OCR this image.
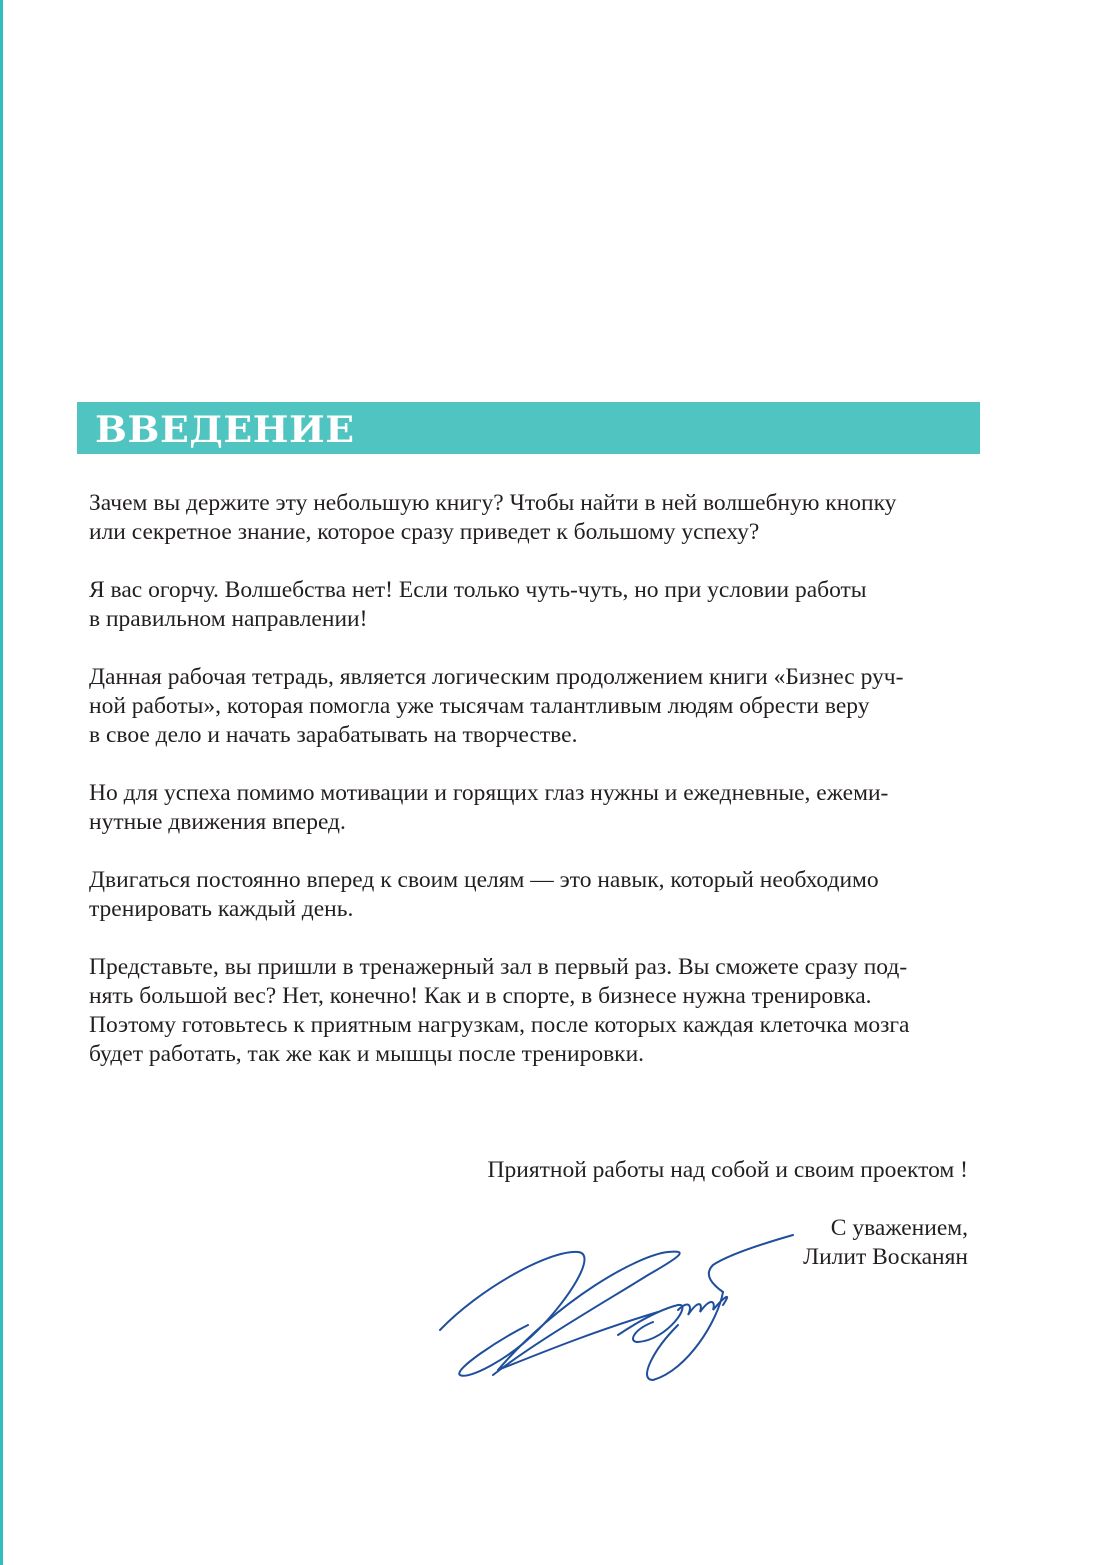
ВВЕДЕНИЕ

Зачем вы держите эту небольшую книгу? Чтобы найти в ней волшебную кнопку
или секретное знание, которое сразу приведет к большому успеху?

Я вас огорчу. Волшебства нет! Если только чуть-чуть, но при условии работы
в правильном направлении!

Данная рабочая тетрадь, является логическим продолжением книги «Бизнес руч-
ной работы», которая помогла уже тысячам талантливым людям обрести веру
в свое дело и начать зарабатывать на творчестве.

Но для успеха помимо мотивации и горящих глаз нужны и ежедневные, ежеми-
нутные движения вперед.

Двигаться постоянно вперед к своим целям — это навык, который необходимо
тренировать каждый день.

Представьте, вы пришли в тренажерный зал в первый раз. Вы сможете сразу под-
нять большой вес? Нет, конечно! Как и в спорте, в бизнесе нужна тренировка.
Поэтому готовьтесь к приятным нагрузкам, после которых каждая клеточка мозга
будет работать, так же как и мышцы после тренировки.

Приятной работы над собой и своим проектом !
С уважением,
Лилит Восканян
